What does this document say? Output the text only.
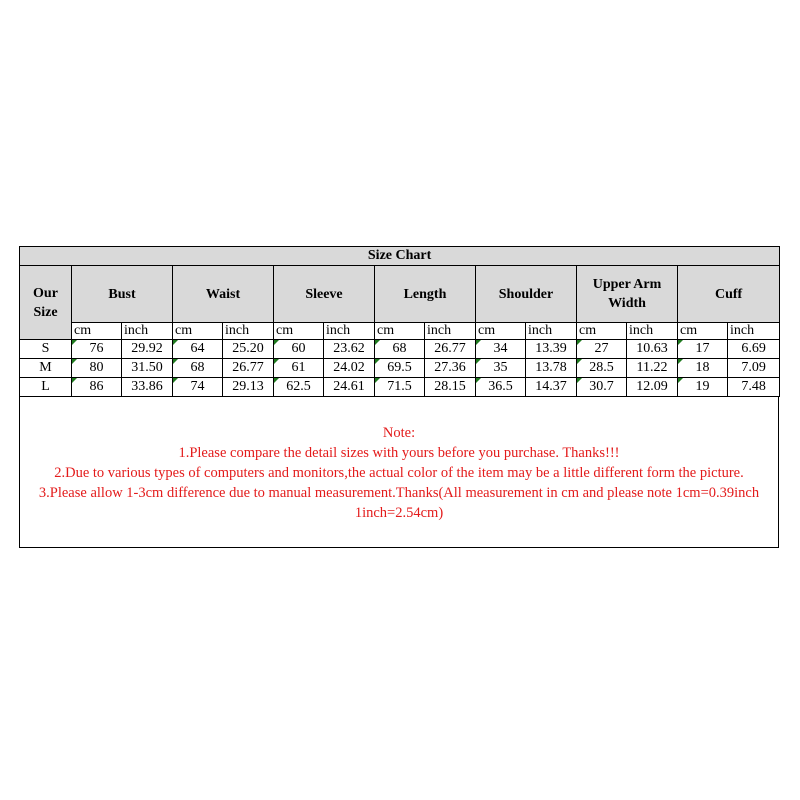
Size Chart														
Our Size	Bust		Waist		Sleeve		Length		Shoulder		Upper Arm Width		Cuff	
	cm	inch	cm	inch	cm	inch	cm	inch	cm	inch	cm	inch	cm	inch
S	76	29.92	64	25.20	60	23.62	68	26.77	34	13.39	27	10.63	17	6.69
M	80	31.50	68	26.77	61	24.02	69.5	27.36	35	13.78	28.5	11.22	18	7.09
L	86	33.86	74	29.13	62.5	24.61	71.5	28.15	36.5	14.37	30.7	12.09	19	7.48
Note:
1.Please compare the detail sizes with yours before you purchase. Thanks!!!
2.Due to various types of computers and monitors,the actual color of the item may be a little different form the picture.
3.Please allow 1-3cm difference due to manual measurement.Thanks(All measurement in cm and please note 1cm=0.39inch
1inch=2.54cm)
